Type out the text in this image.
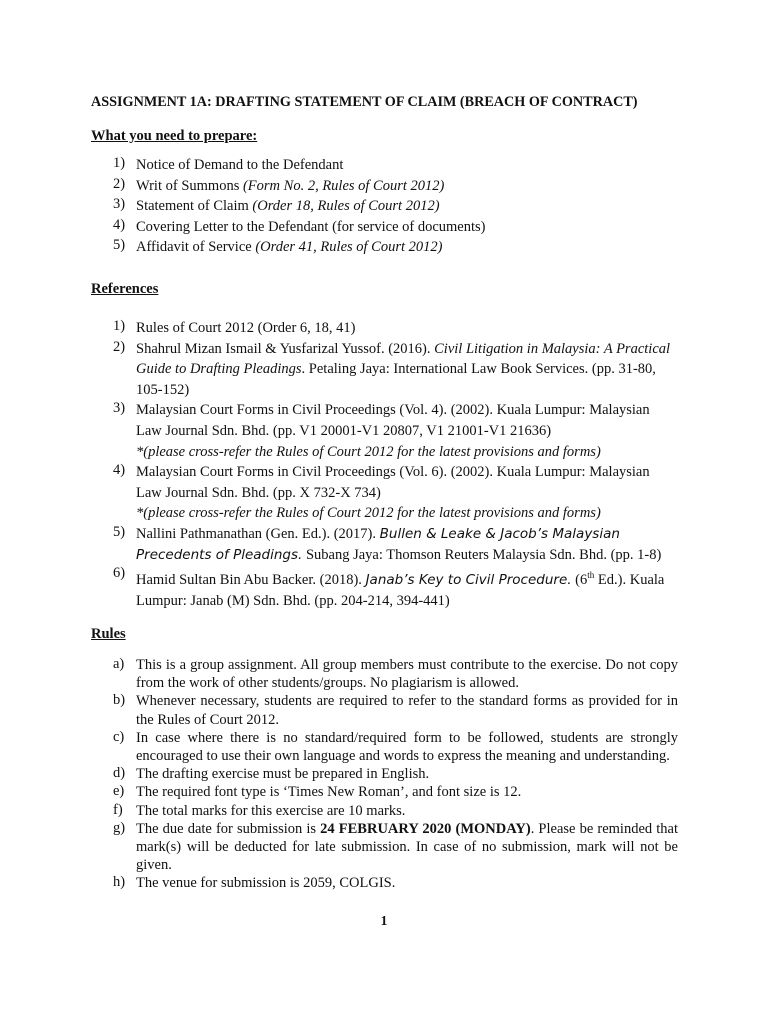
ASSIGNMENT 1A: DRAFTING STATEMENT OF CLAIM (BREACH OF CONTRACT)
What you need to prepare:
1) Notice of Demand to the Defendant
2) Writ of Summons (Form No. 2, Rules of Court 2012)
3) Statement of Claim (Order 18, Rules of Court 2012)
4) Covering Letter to the Defendant (for service of documents)
5) Affidavit of Service (Order 41, Rules of Court 2012)
References
1) Rules of Court 2012 (Order 6, 18, 41)
2) Shahrul Mizan Ismail & Yusfarizal Yussof. (2016). Civil Litigation in Malaysia: A Practical Guide to Drafting Pleadings. Petaling Jaya: International Law Book Services. (pp. 31-80, 105-152)
3) Malaysian Court Forms in Civil Proceedings (Vol. 4). (2002). Kuala Lumpur: Malaysian Law Journal Sdn. Bhd. (pp. V1 20001-V1 20807, V1 21001-V1 21636)
*(please cross-refer the Rules of Court 2012 for the latest provisions and forms)
4) Malaysian Court Forms in Civil Proceedings (Vol. 6). (2002). Kuala Lumpur: Malaysian Law Journal Sdn. Bhd. (pp. X 732-X 734)
*(please cross-refer the Rules of Court 2012 for the latest provisions and forms)
5) Nallini Pathmanathan (Gen. Ed.). (2017). Bullen & Leake & Jacob’s Malaysian Precedents of Pleadings. Subang Jaya: Thomson Reuters Malaysia Sdn. Bhd. (pp. 1-8)
6) Hamid Sultan Bin Abu Backer. (2018). Janab’s Key to Civil Procedure. (6th Ed.). Kuala Lumpur: Janab (M) Sdn. Bhd. (pp. 204-214, 394-441)
Rules
a) This is a group assignment. All group members must contribute to the exercise. Do not copy from the work of other students/groups. No plagiarism is allowed.
b) Whenever necessary, students are required to refer to the standard forms as provided for in the Rules of Court 2012.
c) In case where there is no standard/required form to be followed, students are strongly encouraged to use their own language and words to express the meaning and understanding.
d) The drafting exercise must be prepared in English.
e) The required font type is ‘Times New Roman’, and font size is 12.
f) The total marks for this exercise are 10 marks.
g) The due date for submission is 24 FEBRUARY 2020 (MONDAY). Please be reminded that mark(s) will be deducted for late submission. In case of no submission, mark will not be given.
h) The venue for submission is 2059, COLGIS.
1
